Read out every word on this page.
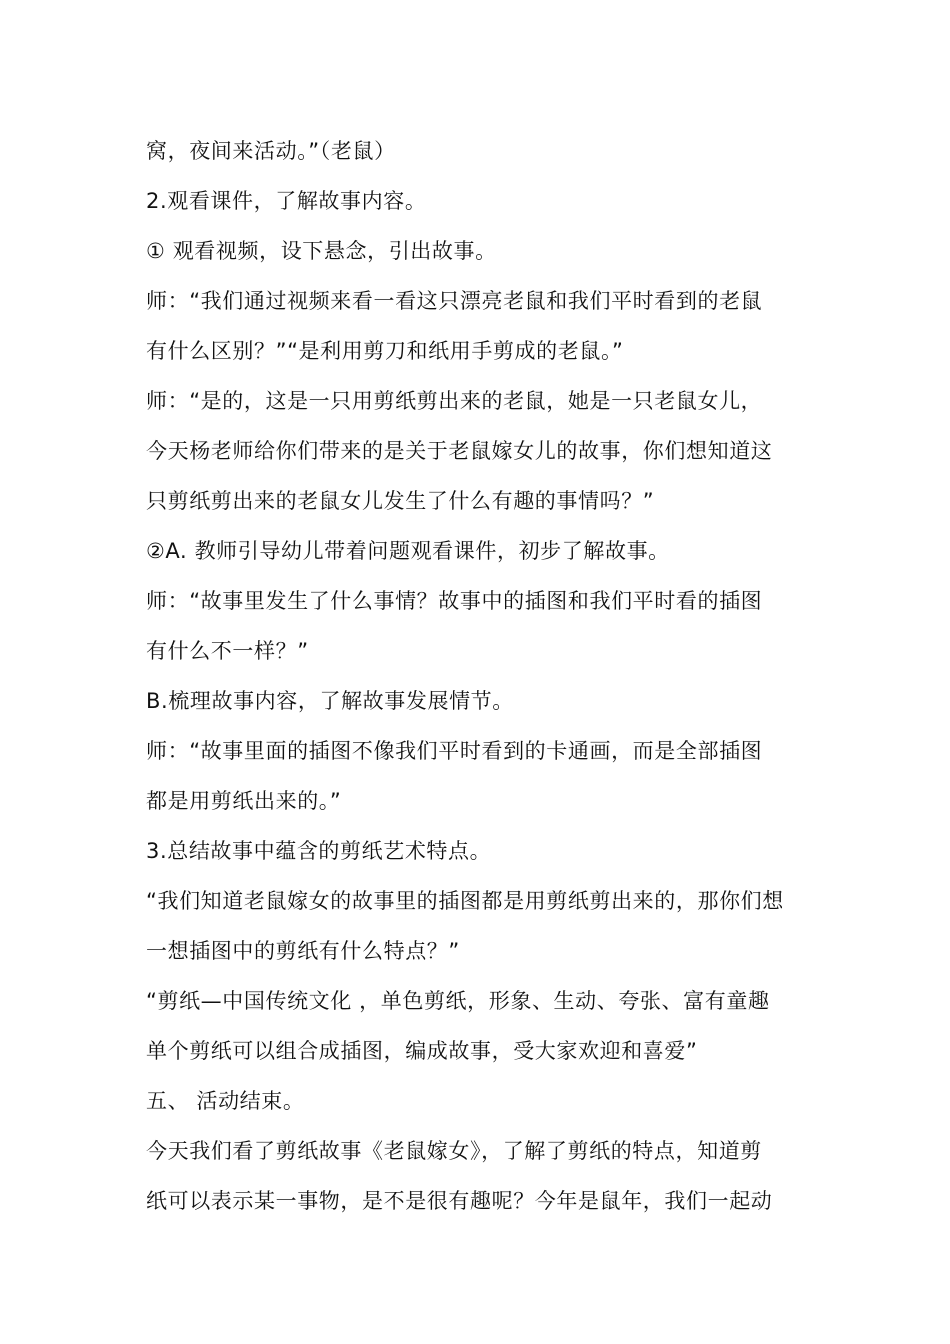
窝，夜间来活动。”（老鼠）
2.观看课件，了解故事内容。
① 观看视频，设下悬念，引出故事。
师：“我们通过视频来看一看这只漂亮老鼠和我们平时看到的老鼠
有什么区别？”“是利用剪刀和纸用手剪成的老鼠。”
师：“是的，这是一只用剪纸剪出来的老鼠，她是一只老鼠女儿，
今天杨老师给你们带来的是关于老鼠嫁女儿的故事，你们想知道这
只剪纸剪出来的老鼠女儿发生了什么有趣的事情吗？”
②A. 教师引导幼儿带着问题观看课件，初步了解故事。
师：“故事里发生了什么事情？故事中的插图和我们平时看的插图
有什么不一样？”
B.梳理故事内容，了解故事发展情节。
师：“故事里面的插图不像我们平时看到的卡通画，而是全部插图
都是用剪纸出来的。”
3.总结故事中蕴含的剪纸艺术特点。
“我们知道老鼠嫁女的故事里的插图都是用剪纸剪出来的，那你们想
一想插图中的剪纸有什么特点？”
“剪纸—中国传统文化 ，单色剪纸，形象、生动、夸张、富有童趣
单个剪纸可以组合成插图，编成故事，受大家欢迎和喜爱”
五、 活动结束。
今天我们看了剪纸故事《老鼠嫁女》，了解了剪纸的特点，知道剪
纸可以表示某一事物，是不是很有趣呢？今年是鼠年，我们一起动
